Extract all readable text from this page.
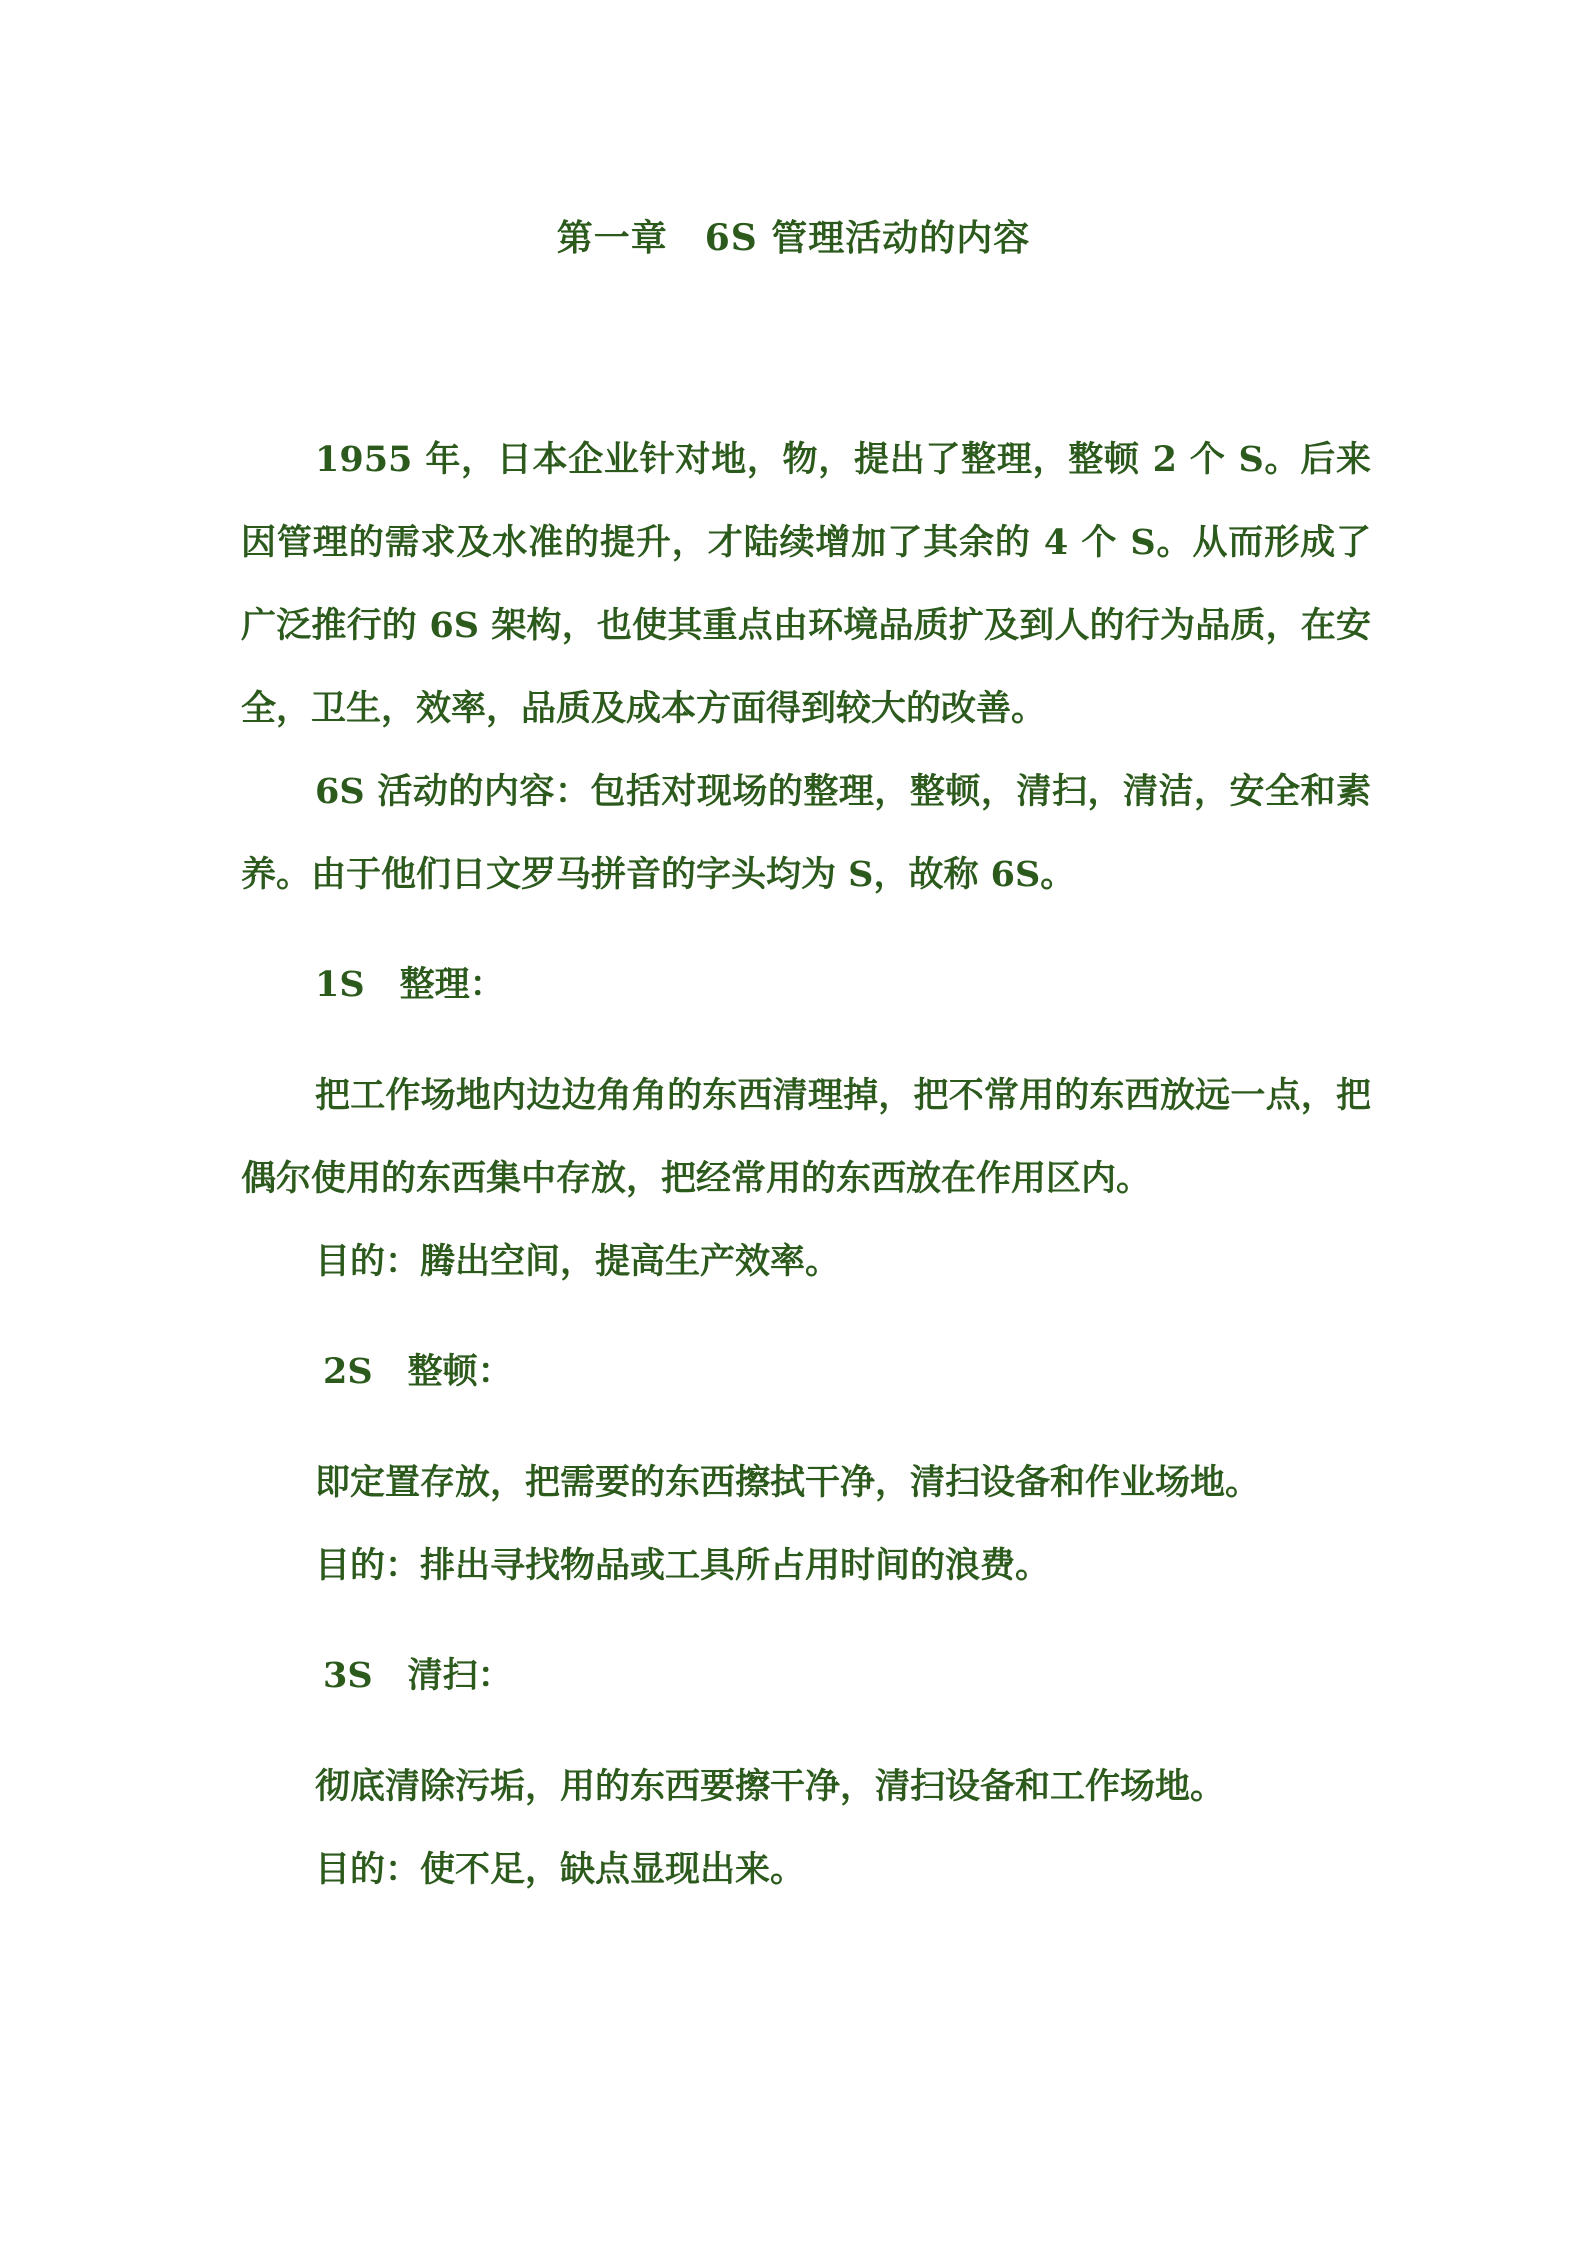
第一章　6S 管理活动的内容

1955 年，日本企业针对地，物，提出了整理，整顿 2 个 S。后来因管理的需求及水准的提升，才陆续增加了其余的 4 个 S。从而形成了广泛推行的 6S 架构，也使其重点由环境品质扩及到人的行为品质，在安全，卫生，效率，品质及成本方面得到较大的改善。

6S 活动的内容：包括对现场的整理，整顿，清扫，清洁，安全和素养。由于他们日文罗马拼音的字头均为 S，故称 6S。

1S　整理：

把工作场地内边边角角的东西清理掉，把不常用的东西放远一点，把偶尔使用的东西集中存放，把经常用的东西放在作用区内。

目的：腾出空间，提高生产效率。

2S　整顿：

即定置存放，把需要的东西擦拭干净，清扫设备和作业场地。

目的：排出寻找物品或工具所占用时间的浪费。

3S　清扫：

彻底清除污垢，用的东西要擦干净，清扫设备和工作场地。

目的：使不足，缺点显现出来。
